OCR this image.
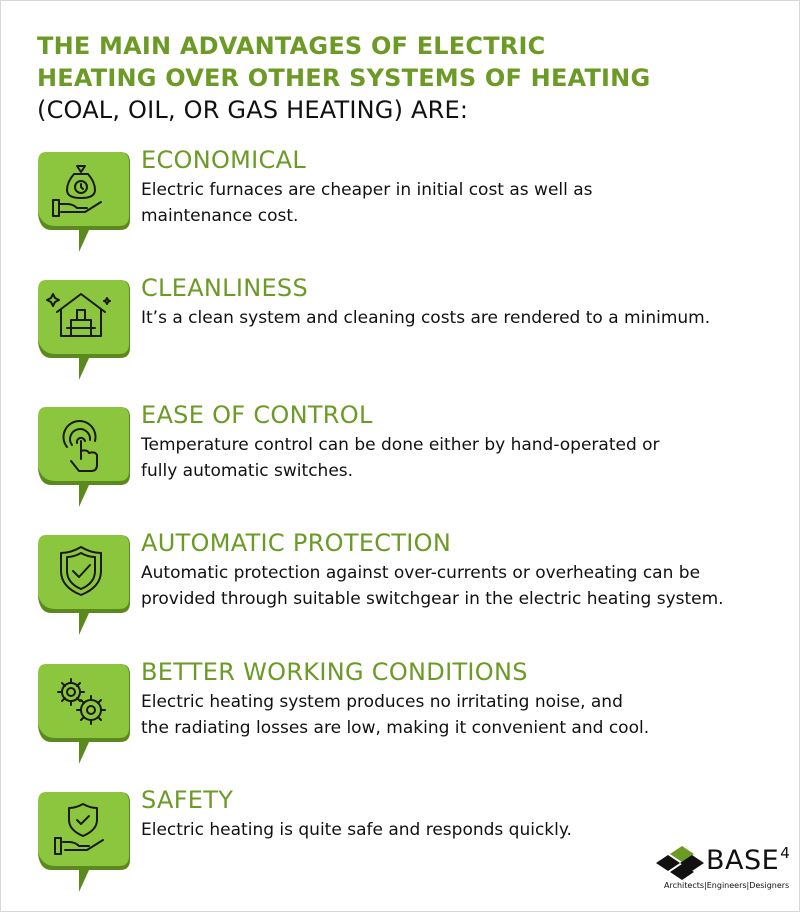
THE MAIN ADVANTAGES OF ELECTRIC
HEATING OVER OTHER SYSTEMS OF HEATING
(COAL, OIL, OR GAS HEATING) ARE:
ECONOMICAL
Electric furnaces are cheaper in initial cost as well as
maintenance cost.
CLEANLINESS
It’s a clean system and cleaning costs are rendered to a minimum.
EASE OF CONTROL
Temperature control can be done either by hand-operated or
fully automatic switches.
AUTOMATIC PROTECTION
Automatic protection against over-currents or overheating can be
provided through suitable switchgear in the electric heating system.
BETTER WORKING CONDITIONS
Electric heating system produces no irritating noise, and
the radiating losses are low, making it convenient and cool.
SAFETY
Electric heating is quite safe and responds quickly.
BASE$^4$
Architects|Engineers|Designers
